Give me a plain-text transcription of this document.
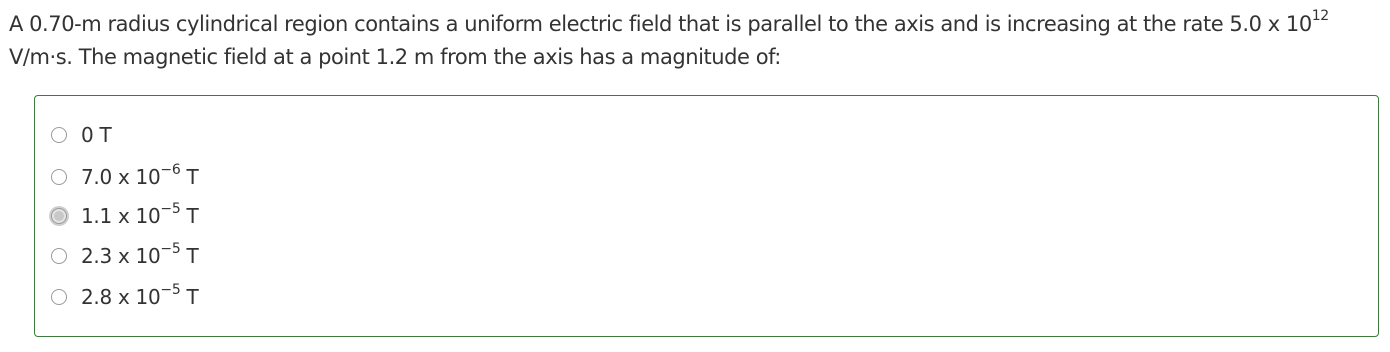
A 0.70-m radius cylindrical region contains a uniform electric field that is parallel to the axis and is increasing at the rate 5.0 x $10^{12}$
V/m·s. The magnetic field at a point 1.2 m from the axis has a magnitude of:
0 T
7.0 x $10^{-6}$ T
1.1 x $10^{-5}$ T
2.3 x $10^{-5}$ T
2.8 x $10^{-5}$ T
